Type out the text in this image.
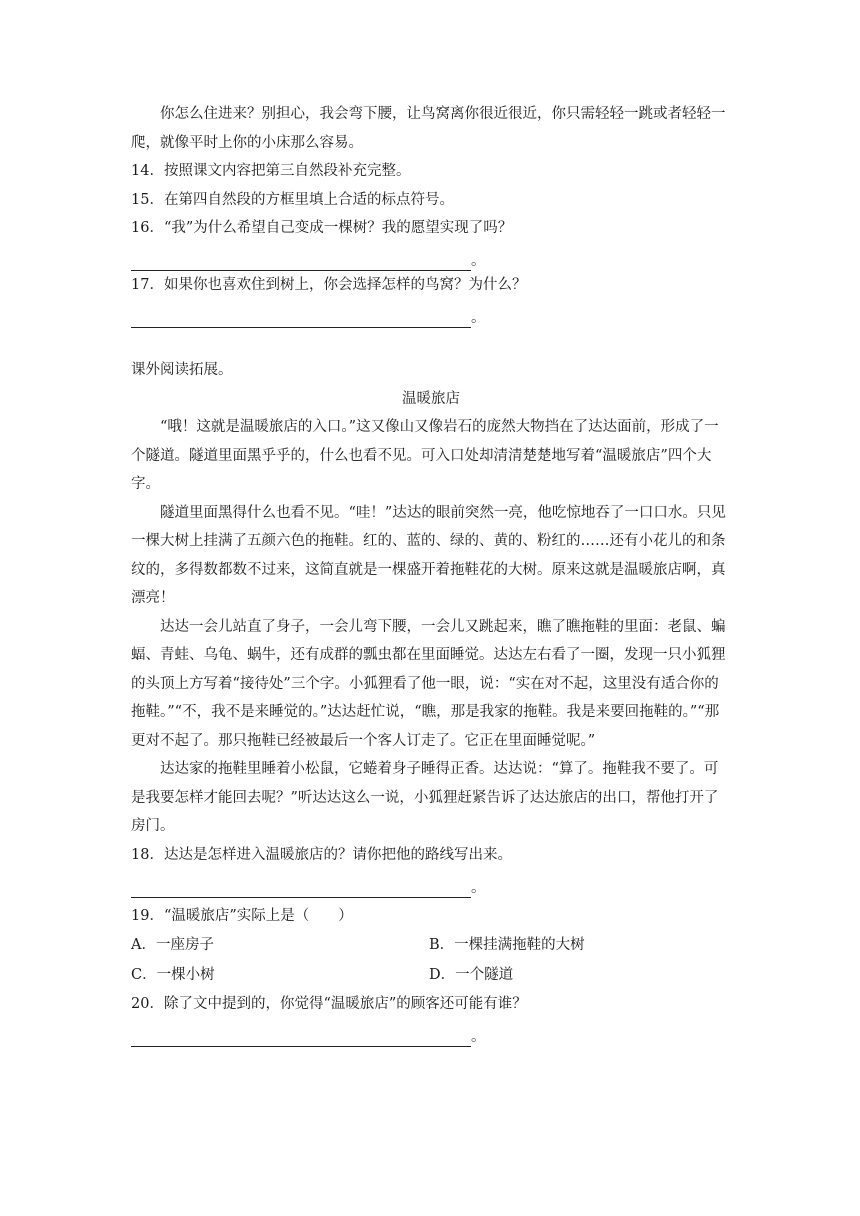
你怎么住进来？别担心，我会弯下腰，让鸟窝离你很近很近，你只需轻轻一跳或者轻轻一爬，就像平时上你的小床那么容易。

14．按照课文内容把第三自然段补充完整。

15．在第四自然段的方框里填上合适的标点符号。

16．“我”为什么希望自己变成一棵树？我的愿望实现了吗？

。

17．如果你也喜欢住到树上，你会选择怎样的鸟窝？为什么？

。

课外阅读拓展。

温暖旅店

“哦！这就是温暖旅店的入口。”这又像山又像岩石的庞然大物挡在了达达面前，形成了一个隧道。隧道里面黑乎乎的，什么也看不见。可入口处却清清楚楚地写着“温暖旅店”四个大字。

隧道里面黑得什么也看不见。“哇！”达达的眼前突然一亮，他吃惊地吞了一口口水。只见一棵大树上挂满了五颜六色的拖鞋。红的、蓝的、绿的、黄的、粉红的……还有小花儿的和条纹的，多得数都数不过来，这简直就是一棵盛开着拖鞋花的大树。原来这就是温暖旅店啊，真漂亮！

达达一会儿站直了身子，一会儿弯下腰，一会儿又跳起来，瞧了瞧拖鞋的里面：老鼠、蝙蝠、青蛙、乌龟、蜗牛，还有成群的瓢虫都在里面睡觉。达达左右看了一圈，发现一只小狐狸的头顶上方写着“接待处”三个字。小狐狸看了他一眼，说：“实在对不起，这里没有适合你的拖鞋。”“不，我不是来睡觉的。”达达赶忙说，“瞧，那是我家的拖鞋。我是来要回拖鞋的。”“那更对不起了。那只拖鞋已经被最后一个客人订走了。它正在里面睡觉呢。”

达达家的拖鞋里睡着小松鼠，它蜷着身子睡得正香。达达说：“算了。拖鞋我不要了。可是我要怎样才能回去呢？”听达达这么一说，小狐狸赶紧告诉了达达旅店的出口，帮他打开了房门。

18．达达是怎样进入温暖旅店的？请你把他的路线写出来。

。

19．“温暖旅店”实际上是（　　）

A．一座房子	B．一棵挂满拖鞋的大树
C．一棵小树	D．一个隧道

20．除了文中提到的，你觉得“温暖旅店”的顾客还可能有谁？

。
